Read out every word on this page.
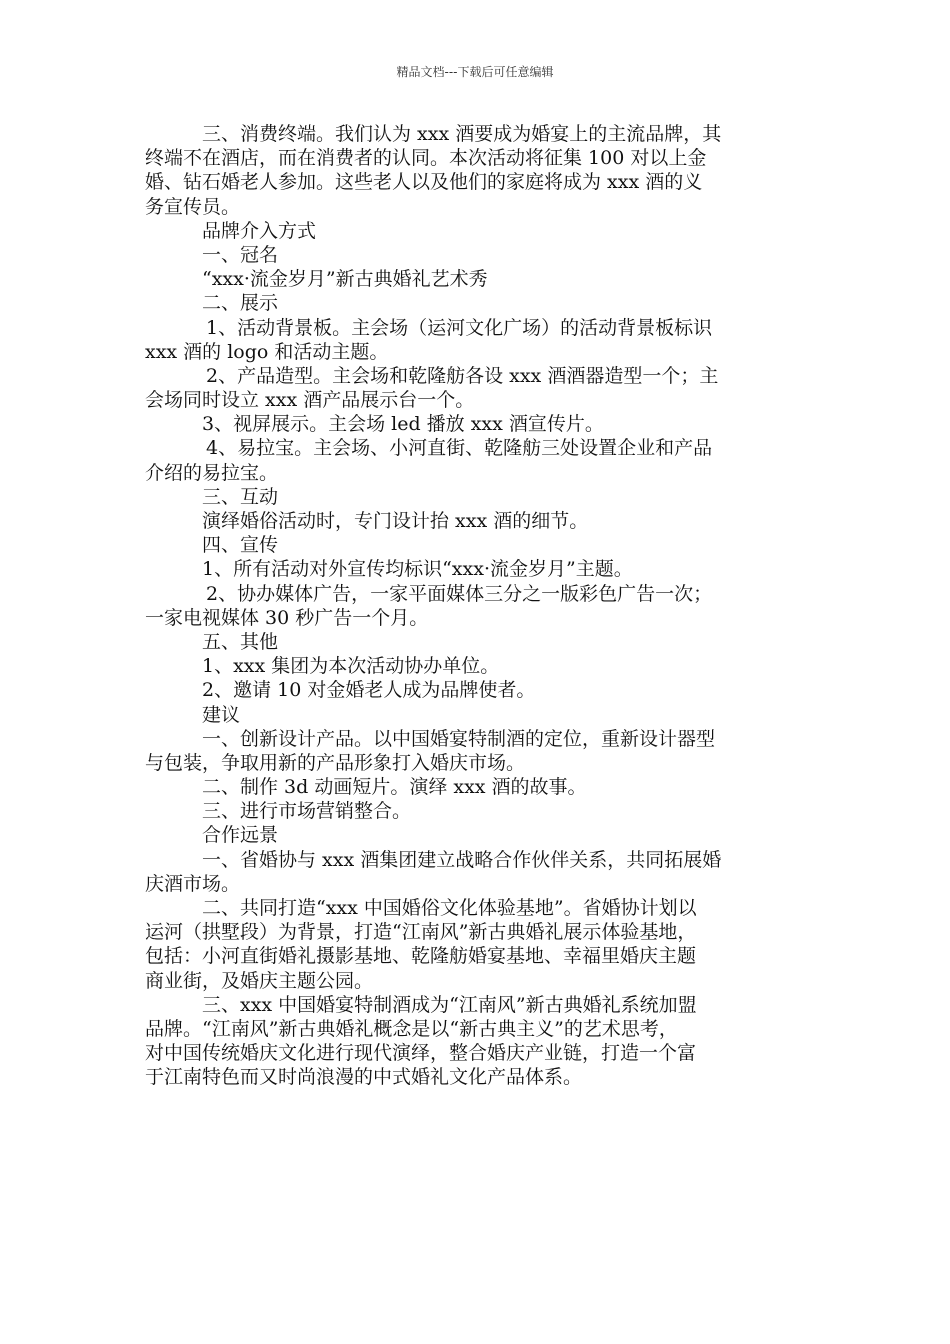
精品文档---下载后可任意编辑
三、消费终端。我们认为 xxx 酒要成为婚宴上的主流品牌，其
终端不在酒店，而在消费者的认同。本次活动将征集 100 对以上金
婚、钻石婚老人参加。这些老人以及他们的家庭将成为 xxx 酒的义
务宣传员。
品牌介入方式
一、冠名
“xxx·流金岁月”新古典婚礼艺术秀
二、展示
1、活动背景板。主会场（运河文化广场）的活动背景板标识
xxx 酒的 logo 和活动主题。
2、产品造型。主会场和乾隆舫各设 xxx 酒酒器造型一个；主
会场同时设立 xxx 酒产品展示台一个。
3、视屏展示。主会场 led 播放 xxx 酒宣传片。
4、易拉宝。主会场、小河直街、乾隆舫三处设置企业和产品
介绍的易拉宝。
三、互动
演绎婚俗活动时，专门设计抬 xxx 酒的细节。
四、宣传
1、所有活动对外宣传均标识“xxx·流金岁月”主题。
2、协办媒体广告，一家平面媒体三分之一版彩色广告一次；
一家电视媒体 30 秒广告一个月。
五、其他
1、xxx 集团为本次活动协办单位。
2、邀请 10 对金婚老人成为品牌使者。
建议
一、创新设计产品。以中国婚宴特制酒的定位，重新设计器型
与包装，争取用新的产品形象打入婚庆市场。
二、制作 3d 动画短片。演绎 xxx 酒的故事。
三、进行市场营销整合。
合作远景
一、省婚协与 xxx 酒集团建立战略合作伙伴关系，共同拓展婚
庆酒市场。
二、共同打造“xxx 中国婚俗文化体验基地”。省婚协计划以
运河（拱墅段）为背景，打造“江南风”新古典婚礼展示体验基地，
包括：小河直街婚礼摄影基地、乾隆舫婚宴基地、幸福里婚庆主题
商业街，及婚庆主题公园。
三、xxx 中国婚宴特制酒成为“江南风”新古典婚礼系统加盟
品牌。“江南风”新古典婚礼概念是以“新古典主义”的艺术思考，
对中国传统婚庆文化进行现代演绎，整合婚庆产业链，打造一个富
于江南特色而又时尚浪漫的中式婚礼文化产品体系。
